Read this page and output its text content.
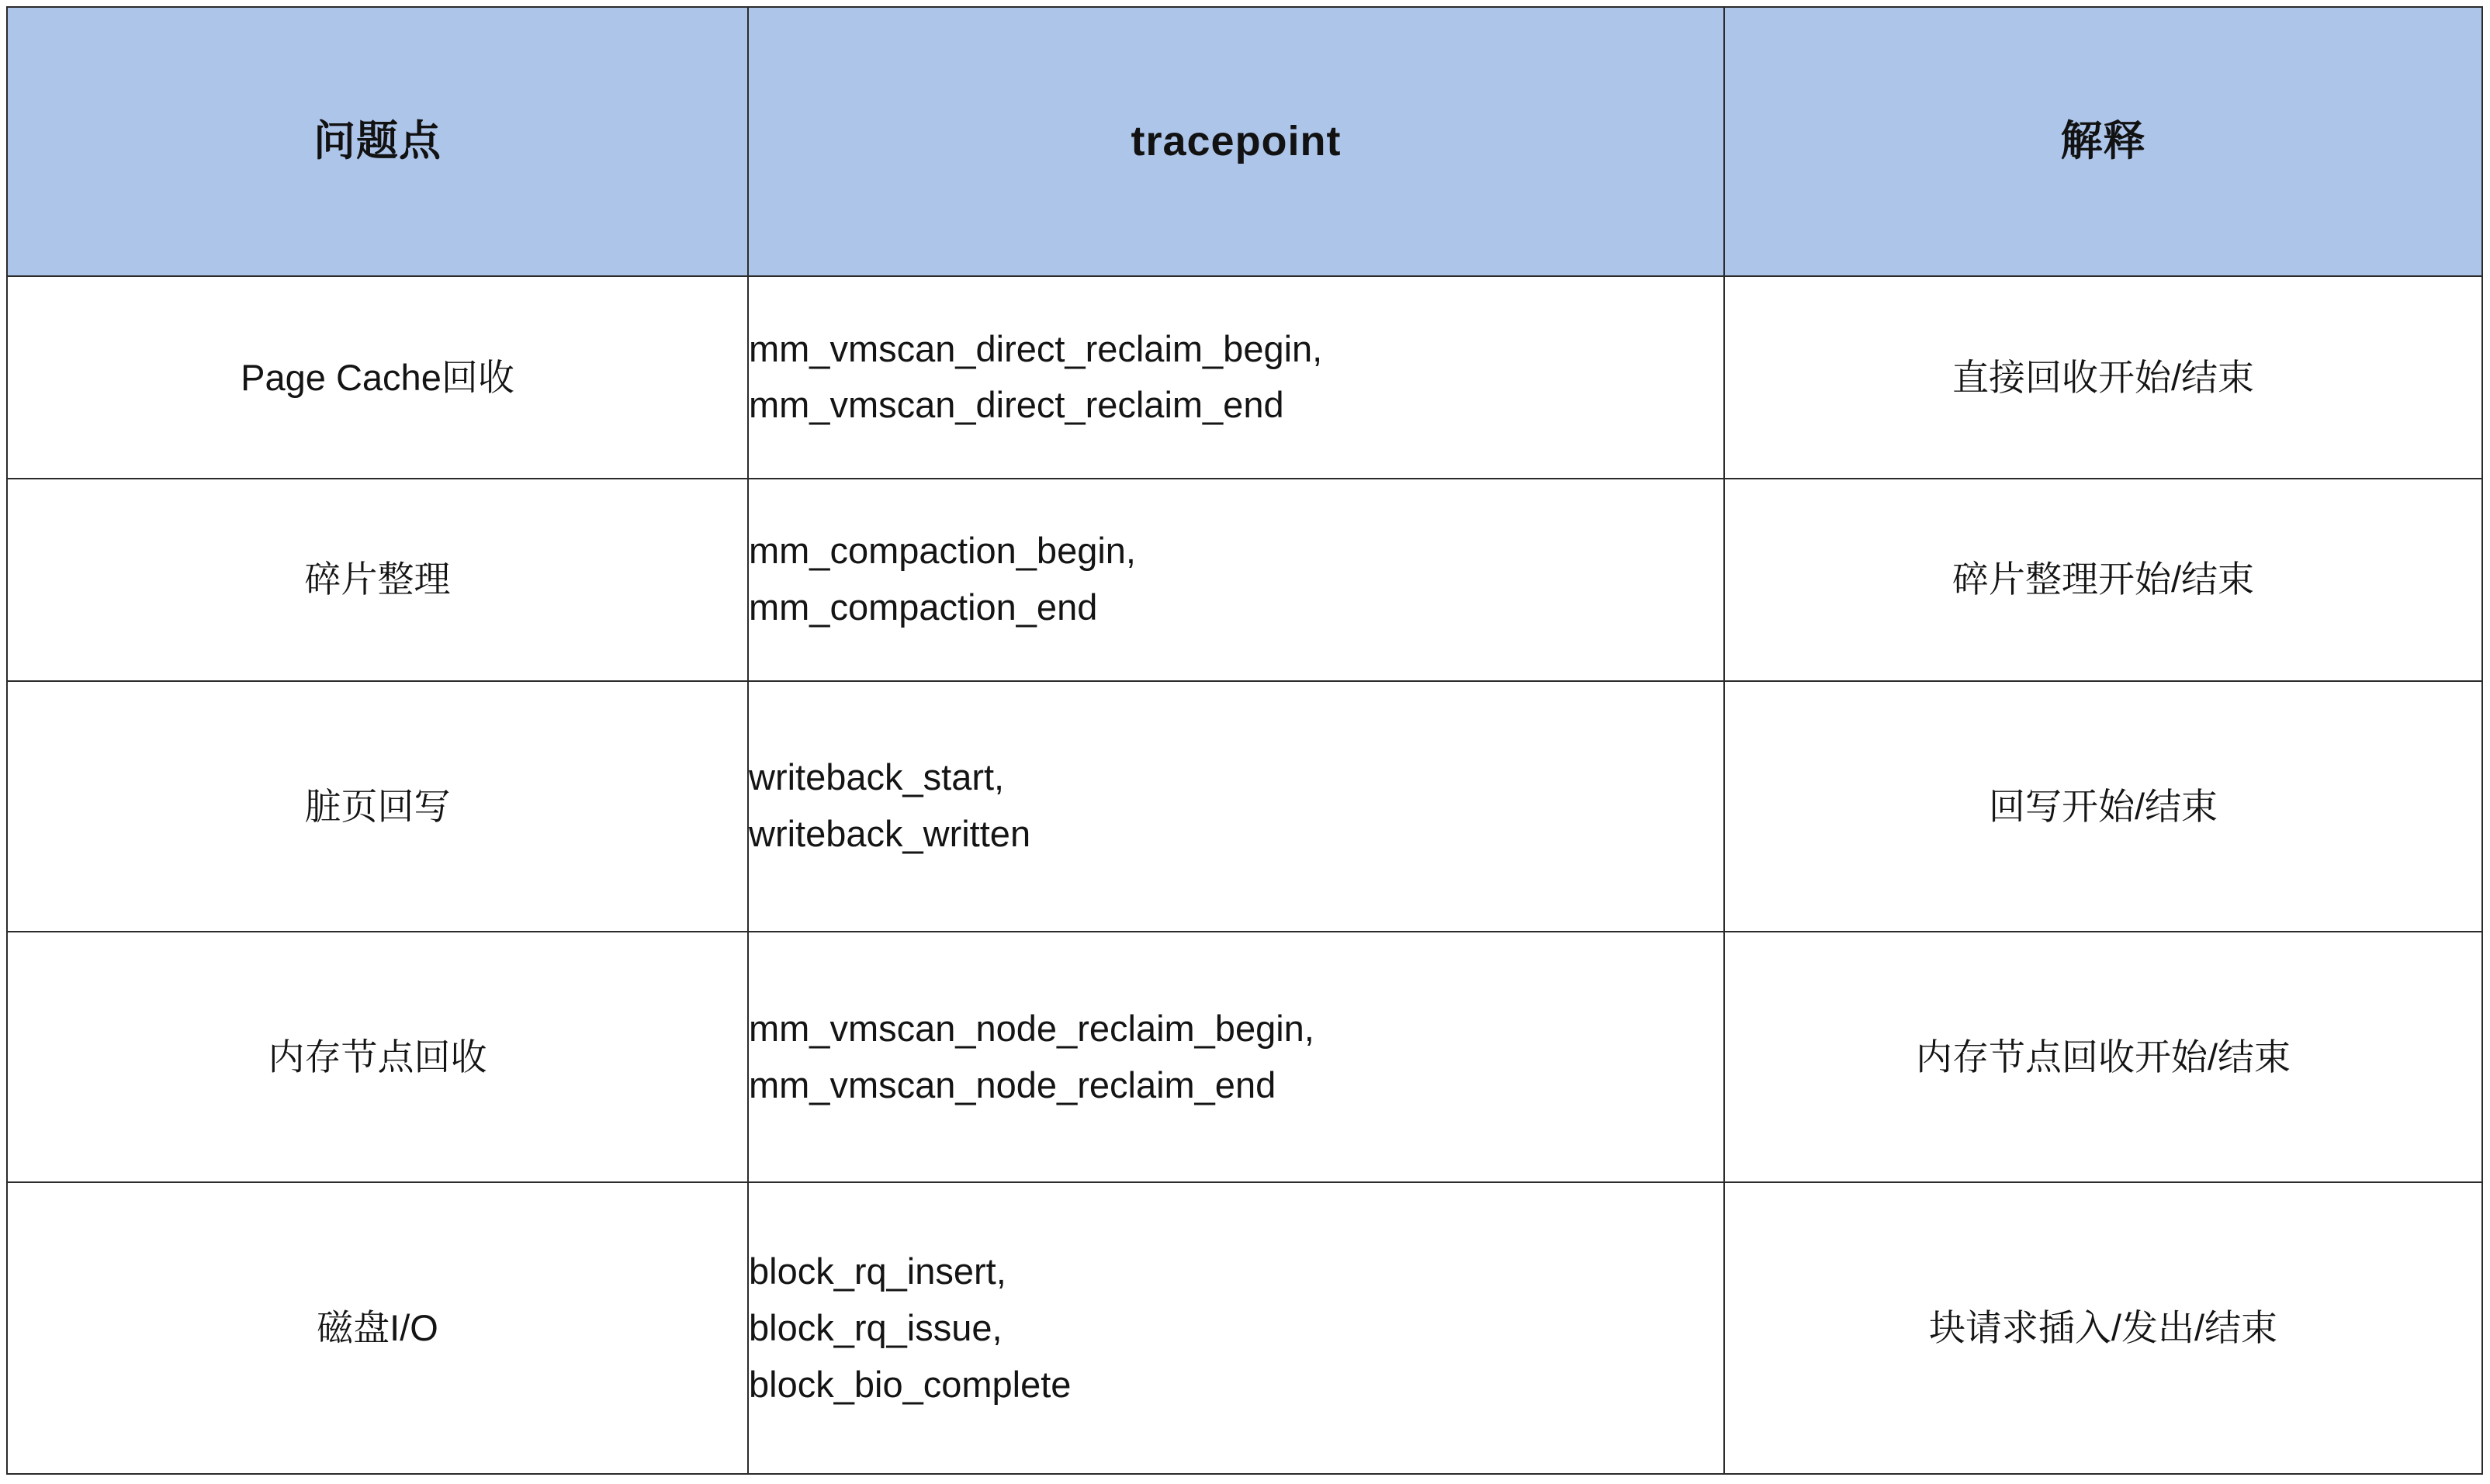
问题点	tracepoint	解释

Page Cache回收	mm_vmscan_direct_reclaim_begin,
mm_vmscan_direct_reclaim_end	直接回收开始/结束
碎片整理	mm_compaction_begin,
mm_compaction_end	碎片整理开始/结束
脏页回写	writeback_start,
writeback_written	回写开始/结束
内存节点回收	mm_vmscan_node_reclaim_begin,
mm_vmscan_node_reclaim_end	内存节点回收开始/结束
磁盘I/O	block_rq_insert,
block_rq_issue,
block_bio_complete	块请求插入/发出/结束
